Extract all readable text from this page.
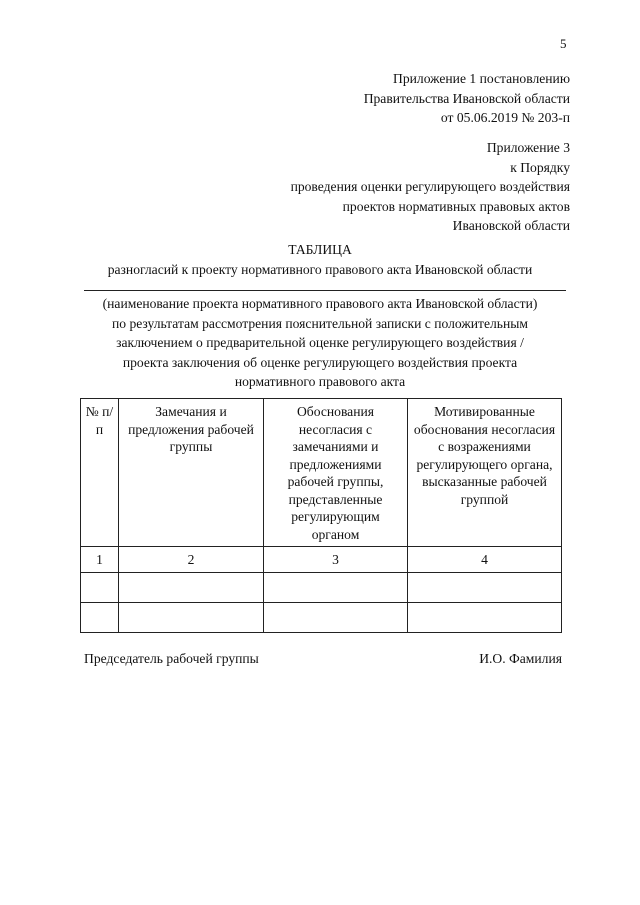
5
Приложение 1 постановлению
Правительства Ивановской области
от 05.06.2019 № 203-п
Приложение 3
к Порядку
проведения оценки регулирующего воздействия
проектов нормативных правовых актов
Ивановской области
ТАБЛИЦА
разногласий к проекту нормативного правового акта Ивановской области
(наименование проекта нормативного правового акта Ивановской области)
по результатам рассмотрения пояснительной записки с положительным
заключением о предварительной оценке регулирующего воздействия /
проекта заключения об оценке регулирующего воздействия проекта
нормативного правового акта
№ п/п	Замечания и предложения рабочей группы	Обоснования несогласия с замечаниями и предложениями рабочей группы, представленные регулирующим органом	Мотивированные обоснования несогласия с возражениями регулирующего органа, высказанные рабочей группой
1	2	3	4

Председатель рабочей группы	И.О. Фамилия
